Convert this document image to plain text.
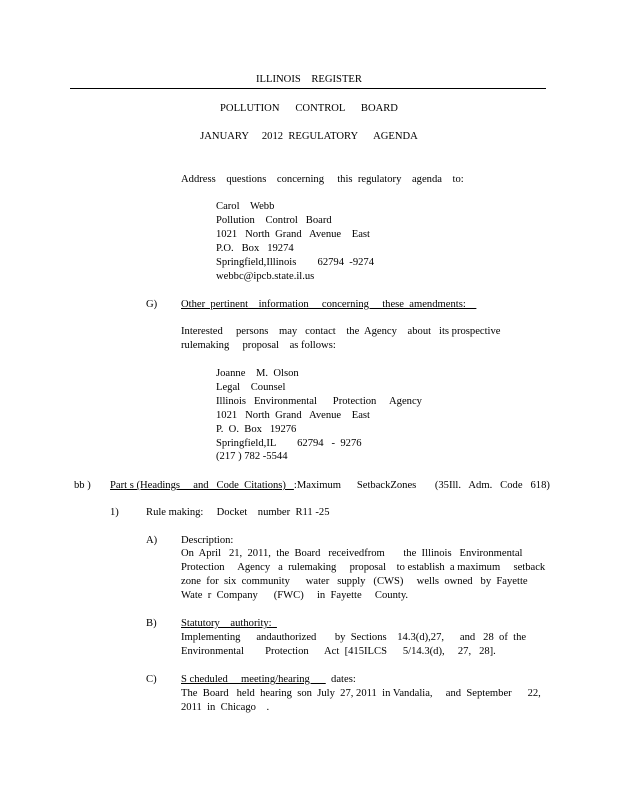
ILLINOIS    REGISTER
POLLUTION      CONTROL      BOARD
JANUARY     2012  REGULATORY      AGENDA
Address    questions    concerning     this  regulatory    agenda    to:
Carol    Webb
Pollution    Control   Board
1021   North  Grand   Avenue    East
P.O.   Box   19274
Springfield,Illinois        62794  -9274
webbc@ipcb.state.il.us
G) Other  pertinent    information     concerning     these  amendments:
Interested     persons    may   contact    the  Agency    about   its prospective
rulemaking     proposal    as follows:
Joanne    M.  Olson
Legal    Counsel
Illinois   Environmental      Protection     Agency
1021   North  Grand   Avenue    East
P.  O.  Box   19276
Springfield,IL        62794   -  9276
(217 ) 782 -5544
bb ) Part s (Headings     and   Code  Citations)   :Maximum      SetbackZones       (35Ill.   Adm.   Code   618)
1)	Rule making:     Docket    number  R11 -25
A) Description:
On  April   21,  2011,  the  Board   receivedfrom       the  Illinois   Environmental
Protection     Agency   a  rulemaking     proposal    to establish  a maximum     setback
zone  for  six  community      water   supply   (CWS)     wells  owned   by  Fayette
Wate  r  Company      (FWC)     in  Fayette     County.
B) Statutory    authority:
Implementing      andauthorized       by  Sections    14.3(d),27,      and   28  of  the
Environmental        Protection      Act  [415ILCS      5/14.3(d),     27,   28].
C) S cheduled     meeting/hearing        dates:
The  Board   held  hearing  son  July  27, 2011  in Vandalia,     and  September      22,
2011  in  Chicago    .
